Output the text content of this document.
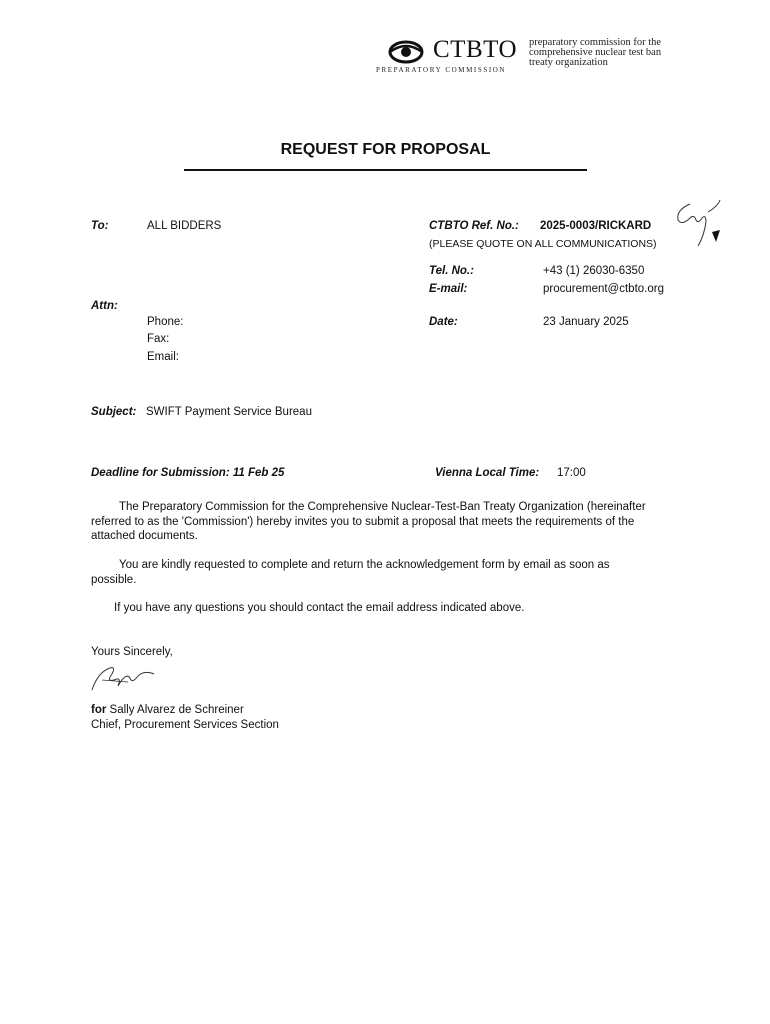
CTBTO
PREPARATORY COMMISSION
preparatory commission for the
comprehensive nuclear test ban
treaty organization
REQUEST FOR PROPOSAL
To:	ALL BIDDERS	CTBTO Ref. No.: 2025-0003/RICKARD
(PLEASE QUOTE ON ALL COMMUNICATIONS)
Tel. No.:	+43 (1) 26030-6350
E-mail:	procurement@ctbto.org
Attn:
Phone:
Fax:
Email:
Date:	23 January 2025
Subject: SWIFT Payment Service Bureau
Deadline for Submission: 11 Feb 25	Vienna Local Time: 17:00
The Preparatory Commission for the Comprehensive Nuclear-Test-Ban Treaty Organization (hereinafter referred to as the 'Commission') hereby invites you to submit a proposal that meets the requirements of the attached documents.
You are kindly requested to complete and return the acknowledgement form by email as soon as possible.
If you have any questions you should contact the email address indicated above.
Yours Sincerely,
for Sally Alvarez de Schreiner
Chief, Procurement Services Section
